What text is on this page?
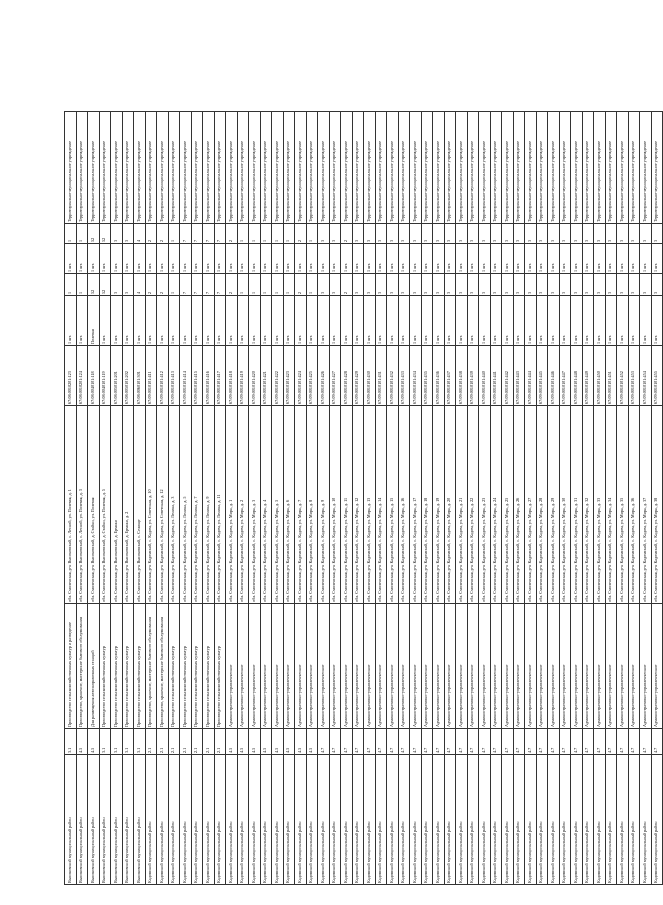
Высоковский муниципальный район	3.1	Производство сельскохозяйственных культур и разведение	обл. Смоленская, р-н Высоковский, с. Лесной, ул. Полевая, д. 1	67:08:0010201:123	1 шт.	1	1 шт.	1	Территориально-муниципальное учреждение
Высоковский муниципальный район	4.5	Производство, хранение, мастерские бытового обслуживания	обл. Смоленская, р-н Высоковский, с. Лесной, ул. Полевая, д. 3	67:08:0010201:124	1 шт.	1	1 шт.	1	Территориально-муниципальное учреждение
Высоковский муниципальный район	4.5	Для размещения автозаправочных станций	обл. Смоленская, р-н Высоковский, д. Стайки, ул. Полевая	67:08:0040101:118	Полевая	52	1 шт.	52	Территориально-муниципальное учреждение
Высоковский муниципальный район	3.1	Производство сельскохозяйственных культур	обл. Смоленская, р-н Высоковский, д. Стайки, ул. Полевая, д. 5	67:08:0040101:119	1 шт.	52	1 шт.	52	Территориально-муниципальное учреждение
Высоковский муниципальный район	3.1	Производство сельскохозяйственных культур	обл. Смоленская, р-н Высоковский, д. Ермаки	67:08:0050101:201	1 шт.	3	1 шт.	3	Территориально-муниципальное учреждение
Высоковский муниципальный район	3.1	Производство сельскохозяйственных культур	обл. Смоленская, р-н Высоковский, д. Ермаки, д. 2	67:08:0050101:202	1 шт.	3	1 шт.	3	Территориально-муниципальное учреждение
Высоковский муниципальный район	3.1	Производство сельскохозяйственных культур	обл. Смоленская, р-н Высоковский, с. Селище	67:08:0060101:301	1 шт.	4	1 шт.	4	Территориально-муниципальное учреждение
Кадомский муниципальный район	2.1	Производство, хранение, мастерские бытового обслуживания	обл. Смоленская, р-н Кадомский, с. Кадом, ул. Советская, д. 10	67:09:0010101:411	1 шт.	2	1 шт.	2	Территориально-муниципальное учреждение
Кадомский муниципальный район	2.1	Производство, хранение, мастерские бытового обслуживания	обл. Смоленская, р-н Кадомский, с. Кадом, ул. Советская, д. 12	67:09:0010101:412	1 шт.	2	1 шт.	2	Территориально-муниципальное учреждение
Кадомский муниципальный район	2.1	Производство сельскохозяйственных культур	обл. Смоленская, р-н Кадомский, с. Кадом, ул. Ленина, д. 3	67:09:0010101:413	1 шт.	1	1 шт.	1	Территориально-муниципальное учреждение
Кадомский муниципальный район	2.1	Производство сельскохозяйственных культур	обл. Смоленская, р-н Кадомский, с. Кадом, ул. Ленина, д. 5	67:09:0010101:414	1 шт.	7	1 шт.	7	Территориально-муниципальное учреждение
Кадомский муниципальный район	2.1	Производство сельскохозяйственных культур	обл. Смоленская, р-н Кадомский, с. Кадом, ул. Ленина, д. 7	67:09:0010101:415	1 шт.	7	1 шт.	7	Территориально-муниципальное учреждение
Кадомский муниципальный район	2.1	Производство сельскохозяйственных культур	обл. Смоленская, р-н Кадомский, с. Кадом, ул. Ленина, д. 9	67:09:0010101:416	1 шт.	7	1 шт.	7	Территориально-муниципальное учреждение
Кадомский муниципальный район	2.1	Производство сельскохозяйственных культур	обл. Смоленская, р-н Кадомский, с. Кадом, ул. Ленина, д. 11	67:09:0010101:417	1 шт.	7	1 шт.	7	Территориально-муниципальное учреждение
Кадомский муниципальный район	4.5	Административно-управленческие	обл. Смоленская, р-н Кадомский, с. Кадом, ул. Мира, д. 1	67:09:0010101:418	1 шт.	2	1 шт.	2	Территориально-муниципальное учреждение
Кадомский муниципальный район	4.5	Административно-управленческие	обл. Смоленская, р-н Кадомский, с. Кадом, ул. Мира, д. 2	67:09:0010101:419	1 шт.	1	1 шт.	1	Территориально-муниципальное учреждение
Кадомский муниципальный район	4.5	Административно-управленческие	обл. Смоленская, р-н Кадомский, с. Кадом, ул. Мира, д. 3	67:09:0010101:420	1 шт.	1	1 шт.	1	Территориально-муниципальное учреждение
Кадомский муниципальный район	4.5	Административно-управленческие	обл. Смоленская, р-н Кадомский, с. Кадом, ул. Мира, д. 4	67:09:0010101:421	1 шт.	1	1 шт.	1	Территориально-муниципальное учреждение
Кадомский муниципальный район	4.5	Административно-управленческие	обл. Смоленская, р-н Кадомский, с. Кадом, ул. Мира, д. 5	67:09:0010101:422	1 шт.	1	1 шт.	1	Территориально-муниципальное учреждение
Кадомский муниципальный район	4.5	Административно-управленческие	обл. Смоленская, р-н Кадомский, с. Кадом, ул. Мира, д. 6	67:09:0010101:423	1 шт.	1	1 шт.	1	Территориально-муниципальное учреждение
Кадомский муниципальный район	4.5	Административно-управленческие	обл. Смоленская, р-н Кадомский, с. Кадом, ул. Мира, д. 7	67:09:0010101:424	1 шт.	2	1 шт.	2	Территориально-муниципальное учреждение
Кадомский муниципальный район	4.5	Административно-управленческие	обл. Смоленская, р-н Кадомский, с. Кадом, ул. Мира, д. 8	67:09:0010101:425	1 шт.	1	1 шт.	1	Территориально-муниципальное учреждение
Кадомский муниципальный район	4.7	Административно-управленческие	обл. Смоленская, р-н Кадомский, с. Кадом, ул. Мира, д. 9	67:09:0010101:426	1 шт.	3	1 шт.	3	Территориально-муниципальное учреждение
Кадомский муниципальный район	4.7	Административно-управленческие	обл. Смоленская, р-н Кадомский, с. Кадом, ул. Мира, д. 10	67:09:0010101:427	1 шт.	3	1 шт.	3	Территориально-муниципальное учреждение
Кадомский муниципальный район	4.7	Административно-управленческие	обл. Смоленская, р-н Кадомский, с. Кадом, ул. Мира, д. 11	67:09:0010101:428	1 шт.	2	1 шт.	2	Территориально-муниципальное учреждение
Кадомский муниципальный район	4.7	Административно-управленческие	обл. Смоленская, р-н Кадомский, с. Кадом, ул. Мира, д. 12	67:09:0010101:429	1 шт.	3	1 шт.	3	Территориально-муниципальное учреждение
Кадомский муниципальный район	4.7	Административно-управленческие	обл. Смоленская, р-н Кадомский, с. Кадом, ул. Мира, д. 13	67:09:0010101:430	1 шт.	3	1 шт.	3	Территориально-муниципальное учреждение
Кадомский муниципальный район	4.7	Административно-управленческие	обл. Смоленская, р-н Кадомский, с. Кадом, ул. Мира, д. 14	67:09:0010101:431	1 шт.	3	1 шт.	3	Территориально-муниципальное учреждение
Кадомский муниципальный район	4.7	Административно-управленческие	обл. Смоленская, р-н Кадомский, с. Кадом, ул. Мира, д. 15	67:09:0010101:432	1 шт.	3	1 шт.	3	Территориально-муниципальное учреждение
Кадомский муниципальный район	4.7	Административно-управленческие	обл. Смоленская, р-н Кадомский, с. Кадом, ул. Мира, д. 16	67:09:0010101:433	1 шт.	3	1 шт.	3	Территориально-муниципальное учреждение
Кадомский муниципальный район	4.7	Административно-управленческие	обл. Смоленская, р-н Кадомский, с. Кадом, ул. Мира, д. 17	67:09:0010101:434	1 шт.	3	1 шт.	3	Территориально-муниципальное учреждение
Кадомский муниципальный район	4.7	Административно-управленческие	обл. Смоленская, р-н Кадомский, с. Кадом, ул. Мира, д. 18	67:09:0010101:435	1 шт.	3	1 шт.	3	Территориально-муниципальное учреждение
Кадомский муниципальный район	4.7	Административно-управленческие	обл. Смоленская, р-н Кадомский, с. Кадом, ул. Мира, д. 19	67:09:0010101:436	1 шт.	3	1 шт.	3	Территориально-муниципальное учреждение
Кадомский муниципальный район	4.7	Административно-управленческие	обл. Смоленская, р-н Кадомский, с. Кадом, ул. Мира, д. 20	67:09:0010101:437	1 шт.	3	1 шт.	3	Территориально-муниципальное учреждение
Кадомский муниципальный район	4.7	Административно-управленческие	обл. Смоленская, р-н Кадомский, с. Кадом, ул. Мира, д. 21	67:09:0010101:438	1 шт.	3	1 шт.	3	Территориально-муниципальное учреждение
Кадомский муниципальный район	4.7	Административно-управленческие	обл. Смоленская, р-н Кадомский, с. Кадом, ул. Мира, д. 22	67:09:0010101:439	1 шт.	3	1 шт.	3	Территориально-муниципальное учреждение
Кадомский муниципальный район	4.7	Административно-управленческие	обл. Смоленская, р-н Кадомский, с. Кадом, ул. Мира, д. 23	67:09:0010101:440	1 шт.	3	1 шт.	3	Территориально-муниципальное учреждение
Кадомский муниципальный район	4.7	Административно-управленческие	обл. Смоленская, р-н Кадомский, с. Кадом, ул. Мира, д. 24	67:09:0010101:441	1 шт.	3	1 шт.	3	Территориально-муниципальное учреждение
Кадомский муниципальный район	4.7	Административно-управленческие	обл. Смоленская, р-н Кадомский, с. Кадом, ул. Мира, д. 25	67:09:0010101:442	1 шт.	3	1 шт.	3	Территориально-муниципальное учреждение
Кадомский муниципальный район	4.7	Административно-управленческие	обл. Смоленская, р-н Кадомский, с. Кадом, ул. Мира, д. 26	67:09:0010101:443	1 шт.	3	1 шт.	3	Территориально-муниципальное учреждение
Кадомский муниципальный район	4.7	Административно-управленческие	обл. Смоленская, р-н Кадомский, с. Кадом, ул. Мира, д. 27	67:09:0010101:444	1 шт.	3	1 шт.	3	Территориально-муниципальное учреждение
Кадомский муниципальный район	4.7	Административно-управленческие	обл. Смоленская, р-н Кадомский, с. Кадом, ул. Мира, д. 28	67:09:0010101:445	1 шт.	3	1 шт.	3	Территориально-муниципальное учреждение
Кадомский муниципальный район	4.7	Административно-управленческие	обл. Смоленская, р-н Кадомский, с. Кадом, ул. Мира, д. 29	67:09:0010101:446	1 шт.	3	1 шт.	3	Территориально-муниципальное учреждение
Кадомский муниципальный район	4.7	Административно-управленческие	обл. Смоленская, р-н Кадомский, с. Кадом, ул. Мира, д. 30	67:09:0010101:447	1 шт.	3	1 шт.	3	Территориально-муниципальное учреждение
Кадомский муниципальный район	4.7	Административно-управленческие	обл. Смоленская, р-н Кадомский, с. Кадом, ул. Мира, д. 31	67:09:0010101:448	1 шт.	3	1 шт.	3	Территориально-муниципальное учреждение
Кадомский муниципальный район	4.7	Административно-управленческие	обл. Смоленская, р-н Кадомский, с. Кадом, ул. Мира, д. 32	67:09:0010101:449	1 шт.	3	1 шт.	3	Территориально-муниципальное учреждение
Кадомский муниципальный район	4.7	Административно-управленческие	обл. Смоленская, р-н Кадомский, с. Кадом, ул. Мира, д. 33	67:09:0010101:450	1 шт.	3	1 шт.	3	Территориально-муниципальное учреждение
Кадомский муниципальный район	4.7	Административно-управленческие	обл. Смоленская, р-н Кадомский, с. Кадом, ул. Мира, д. 34	67:09:0010101:451	1 шт.	3	1 шт.	3	Территориально-муниципальное учреждение
Кадомский муниципальный район	4.7	Административно-управленческие	обл. Смоленская, р-н Кадомский, с. Кадом, ул. Мира, д. 35	67:09:0010101:452	1 шт.	3	1 шт.	3	Территориально-муниципальное учреждение
Кадомский муниципальный район	4.7	Административно-управленческие	обл. Смоленская, р-н Кадомский, с. Кадом, ул. Мира, д. 36	67:09:0010101:453	1 шт.	3	1 шт.	3	Территориально-муниципальное учреждение
Кадомский муниципальный район	4.7	Административно-управленческие	обл. Смоленская, р-н Кадомский, с. Кадом, ул. Мира, д. 37	67:09:0010101:454	1 шт.	3	1 шт.	3	Территориально-муниципальное учреждение
Кадомский муниципальный район	4.7	Административно-управленческие	обл. Смоленская, р-н Кадомский, с. Кадом, ул. Мира, д. 38	67:09:0010101:455	1 шт.	3	1 шт.	3	Территориально-муниципальное учреждение
